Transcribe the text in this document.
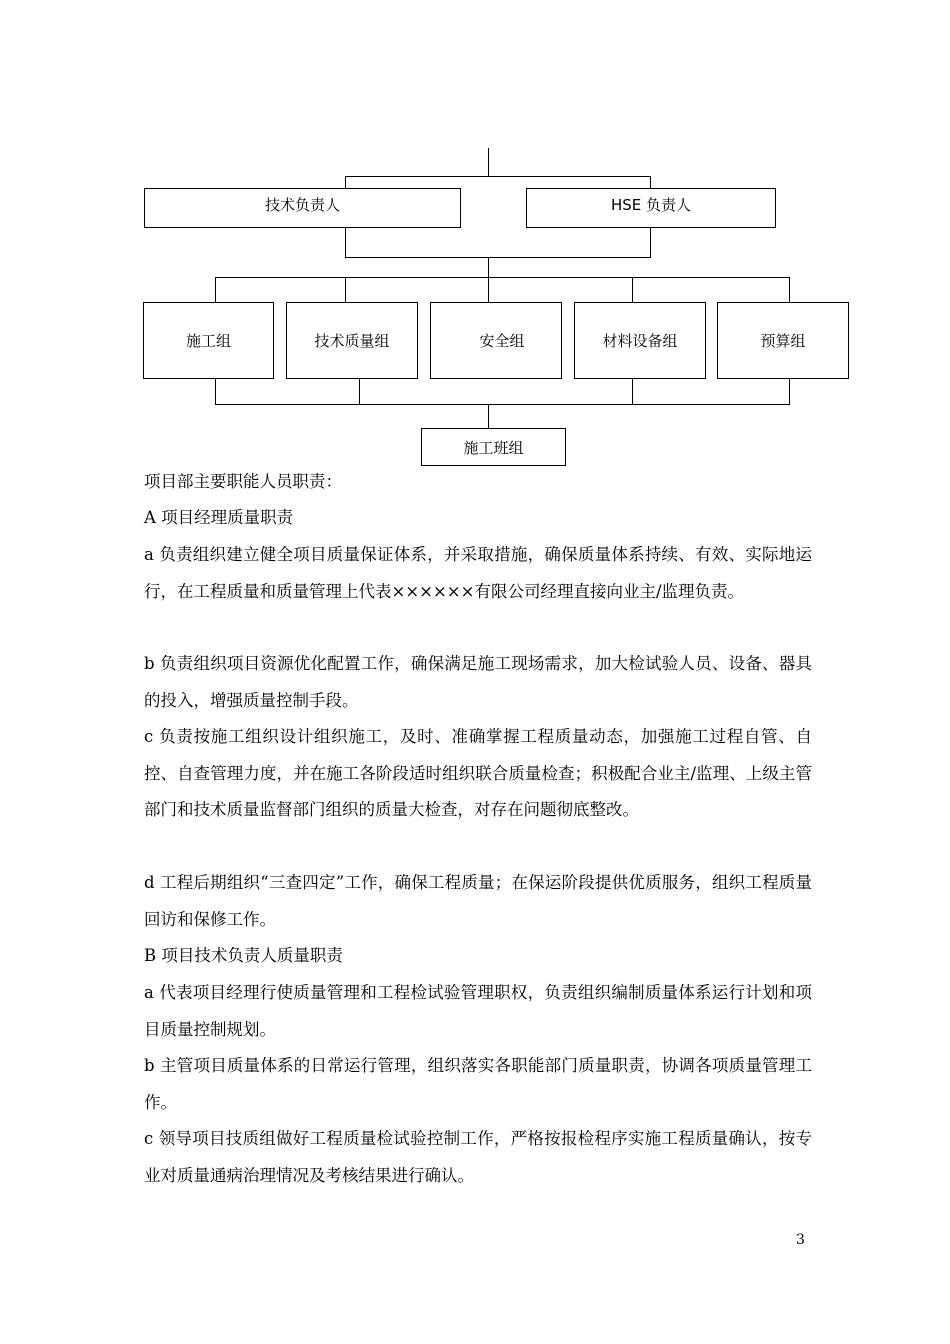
技术负责人	HSE 负责人
施工组	技术质量组	安全组	材料设备组	预算组
施工班组

项目部主要职能人员职责：

A 项目经理质量职责

a 负责组织建立健全项目质量保证体系，并采取措施，确保质量体系持续、有效、实际地运行，在工程质量和质量管理上代表××××××有限公司经理直接向业主/监理负责。

b 负责组织项目资源优化配置工作，确保满足施工现场需求，加大检试验人员、设备、器具的投入，增强质量控制手段。

c 负责按施工组织设计组织施工，及时、准确掌握工程质量动态，加强施工过程自管、自控、自查管理力度，并在施工各阶段适时组织联合质量检查；积极配合业主/监理、上级主管部门和技术质量监督部门组织的质量大检查，对存在问题彻底整改。

d 工程后期组织“三查四定”工作，确保工程质量；在保运阶段提供优质服务，组织工程质量回访和保修工作。

B 项目技术负责人质量职责

a 代表项目经理行使质量管理和工程检试验管理职权，负责组织编制质量体系运行计划和项目质量控制规划。

b 主管项目质量体系的日常运行管理，组织落实各职能部门质量职责，协调各项质量管理工作。

c 领导项目技质组做好工程质量检试验控制工作，严格按报检程序实施工程质量确认，按专业对质量通病治理情况及考核结果进行确认。

3
